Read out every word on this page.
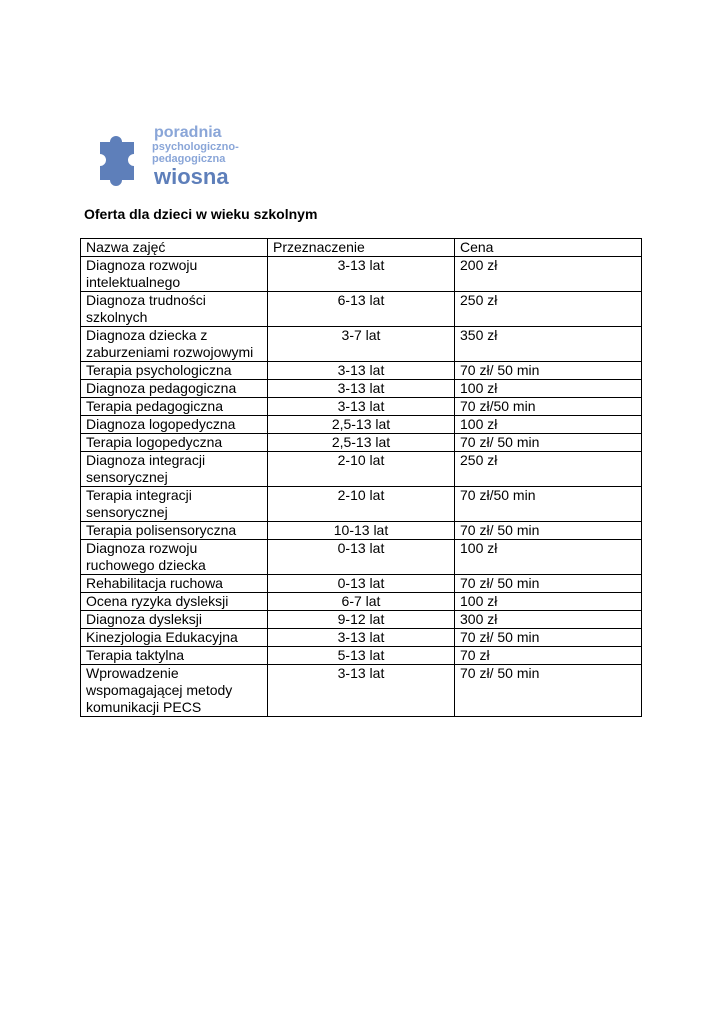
poradnia
psychologiczno-
pedagogiczna
wiosna

Oferta dla dzieci w wieku szkolnym

Nazwa zajęć	Przeznaczenie	Cena
Diagnoza rozwoju intelektualnego	3-13 lat	200 zł
Diagnoza trudności szkolnych	6-13 lat	250 zł
Diagnoza dziecka z zaburzeniami rozwojowymi	3-7 lat	350 zł
Terapia psychologiczna	3-13 lat	70 zł/ 50 min
Diagnoza pedagogiczna	3-13 lat	100 zł
Terapia pedagogiczna	3-13 lat	70 zł/50 min
Diagnoza logopedyczna	2,5-13 lat	100 zł
Terapia logopedyczna	2,5-13 lat	70 zł/ 50 min
Diagnoza integracji sensorycznej	2-10 lat	250 zł
Terapia integracji sensorycznej	2-10 lat	70 zł/50 min
Terapia polisensoryczna	10-13 lat	70 zł/ 50 min
Diagnoza rozwoju ruchowego dziecka	0-13 lat	100 zł
Rehabilitacja ruchowa	0-13 lat	70 zł/ 50 min
Ocena ryzyka dysleksji	6-7 lat	100 zł
Diagnoza dysleksji	9-12 lat	300 zł
Kinezjologia Edukacyjna	3-13 lat	70 zł/ 50 min
Terapia taktylna	5-13 lat	70 zł
Wprowadzenie wspomagającej metody komunikacji PECS	3-13 lat	70 zł/ 50 min
